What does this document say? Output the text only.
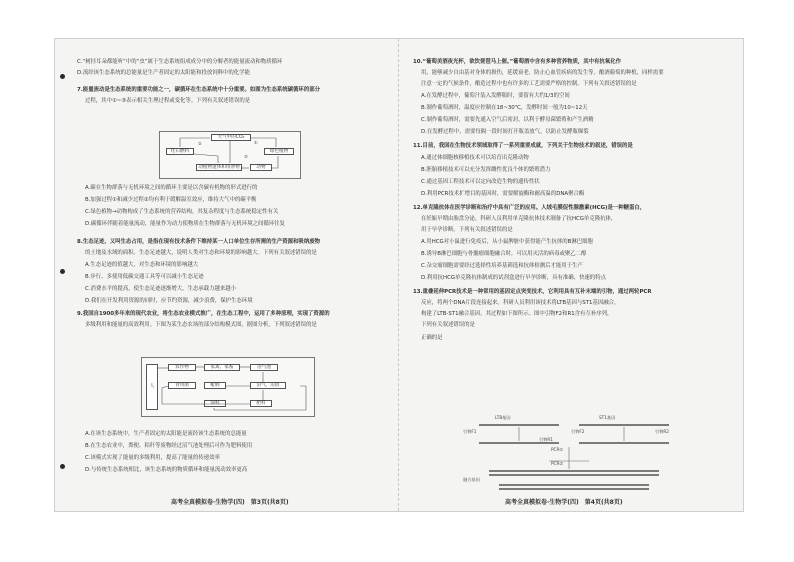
C.“树挂耳朵都能听”中的“虫”属于生态系统组成成分中的分解者的能量流动和物质循环
D.流经该生态系统的总能量是生产者固定的太阳能和投放饲料中的化学能
7.能量流动是生态系统的重要功能之一，碳循环在生态系统中十分重要。如图为生态系统碳循环的部分
过程，其中①~③表示相关生理过程或变化等。下列有关叙述错误的是
A.碳在生物群落与无机环境之间的循环主要是以含碳有机物的形式进行的
B.加强过程①和减少过程②均有利于缓解温室效应，维持大气中的碳平衡
C.绿色植物→动物构成了生态系统的营养结构，其复杂程度与生态系统稳定性有关
D.碳循环伴随着能量流动，能量作为动力使物质在生物群落与无机环境之间循环往复
8.生态足迹，又叫生态占用，是指在现有技术条件下维持某一人口单位生存所需的生产资源和吸纳废物
的土地及水域的面积。生态足迹越大，说明人类对生态和环境的影响越大。下列有关叙述错误的是
A.生态足迹的值越大，对生态和环境的影响越大
B.步行、多使用低碳交通工具等可以减小生态足迹
C.消费水平的提高，使生态足迹逐渐增大，生态承载力越来越小
D.我们在开发利用资源的同时，应节约资源，减少浪费，保护生态环境
9.我国自1900多年来的现代农业，将生态农业模式推广，在生态工程中，运用了多种原理，实现了资源的
多级利用和能量的高效利用。下图为某生态农场的部分结构模式图，据图分析，下列叙述错误的是
A.在该生态系统中，生产者固定的太阳能是流经该生态系统的总能量
B.在生态农业中，粪便、秸秆等废物经过沼气池处理后可作为肥料使用
C.该模式实现了能量的多级利用，提高了能量的传递效率
D.与传统生态系统相比，该生态系统的物质循环和能量流动效率更高
大气中的CO₂
化石燃料
动植物遗体和排泄物
绿色植物
动物
①
②
③
人
农作物	家禽、家畜	沼气池
食用菌	蚯蚓	沼气、沼渣
饲料	肥料
高考全真模拟卷·生物学(四)　第3页(共8页)
10.“葡萄美酒夜光杯，欲饮琵琶马上催。”葡萄酒中含有多种营养物质，其中有抗氧化作
用，能够减少自由基对身体的损伤，延缓衰老，防止心血管疾病的发生等。酿酒葡萄的种植，同样需要
注意一定的气候条件，酿造过程中也有许多的工艺需要严格的控制。下列有关叙述错误的是
A.在发酵过程中，葡萄汁装入发酵瓶时，要留有大约1/3的空间
B.制作葡萄酒时，温度应控制在18~30℃，发酵时间一般为10~12天
C.制作葡萄酒时，需要先通入空气后密封，以利于酵母菌繁殖和产生酒精
D.在发酵过程中，需要每隔一段时间打开瓶盖放气，以防止发酵瓶爆裂
11.目前，我国在生物技术领域取得了一系列重要成就，下列关于生物技术的叙述，错误的是
A.通过体细胞核移植技术可以培育出克隆动物
B.胚胎移植技术可以充分发挥雌性优良个体的繁殖潜力
C.通过基因工程技术可以定向改造生物的遗传性状
D.利用PCR技术扩增目的基因时，需要解旋酶和耐高温的DNA聚合酶
12.单克隆抗体在医学诊断和治疗中具有广泛的应用。人绒毛膜促性腺激素(HCG)是一种糖蛋白，
在妊娠早期由胎盘分泌。科研人员利用单克隆抗体技术制备了抗HCG单克隆抗体，
用于早孕诊断。下列有关叙述错误的是
A.用HCG对小鼠进行免疫后，从小鼠脾脏中获得能产生抗体的B淋巴细胞
B.诱导B淋巴细胞与骨髓瘤细胞融合时，可以用灭活的病毒或聚乙二醇
C.杂交瘤细胞需要经过选择性培养基筛选和抗体检测后才能用于生产
D.利用抗HCG单克隆抗体制成的试剂盒进行早孕诊断，具有准确、快速的特点
13.重叠延伸PCR技术是一种常用的基因定点突变技术，它利用具有互补末端的引物，通过两轮PCR
反应，将两个DNA片段连接起来。科研人员利用该技术将LTB基因与ST1基因融合，
构建了LTB-ST1融合基因，其过程如下图所示。图中引物F2和R1含有互补序列，
下列有关叙述错误的是
正确的是
LTB基因	ST1基因
引物F1
引物R1
引物F2	引物R2
PCR①
PCR②
融合基因
高考全真模拟卷·生物学(四)　第4页(共8页)
